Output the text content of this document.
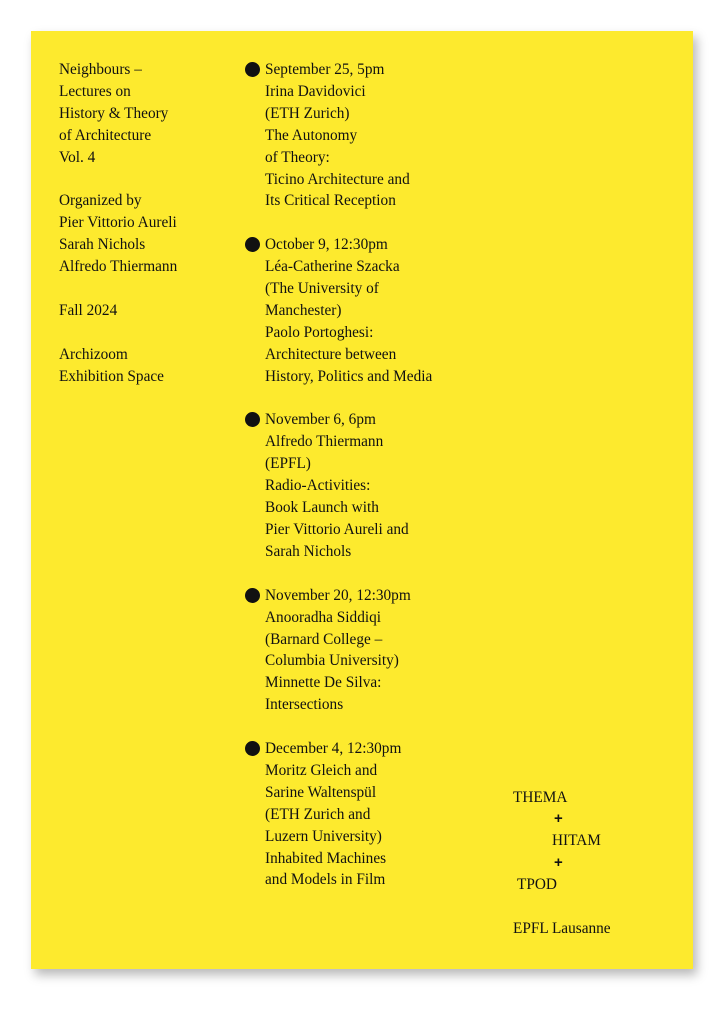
Neighbours –
Lectures on
History & Theory
of Architecture
Vol. 4
Organized by
Pier Vittorio Aureli
Sarah Nichols
Alfredo Thiermann
Fall 2024
Archizoom
Exhibition Space
September 25, 5pm
Irina Davidovici
(ETH Zurich)
The Autonomy
of Theory:
Ticino Architecture and
Its Critical Reception
October 9, 12:30pm
Léa-Catherine Szacka
(The University of
Manchester)
Paolo Portoghesi:
Architecture between
History, Politics and Media
November 6, 6pm
Alfredo Thiermann
(EPFL)
Radio-Activities:
Book Launch with
Pier Vittorio Aureli and
Sarah Nichols
November 20, 12:30pm
Anooradha Siddiqi
(Barnard College –
Columbia University)
Minnette De Silva:
Intersections
December 4, 12:30pm
Moritz Gleich and
Sarine Waltenspül
(ETH Zurich and
Luzern University)
Inhabited Machines
and Models in Film
THEMA
+
HITAM
+
TPOD
EPFL Lausanne
